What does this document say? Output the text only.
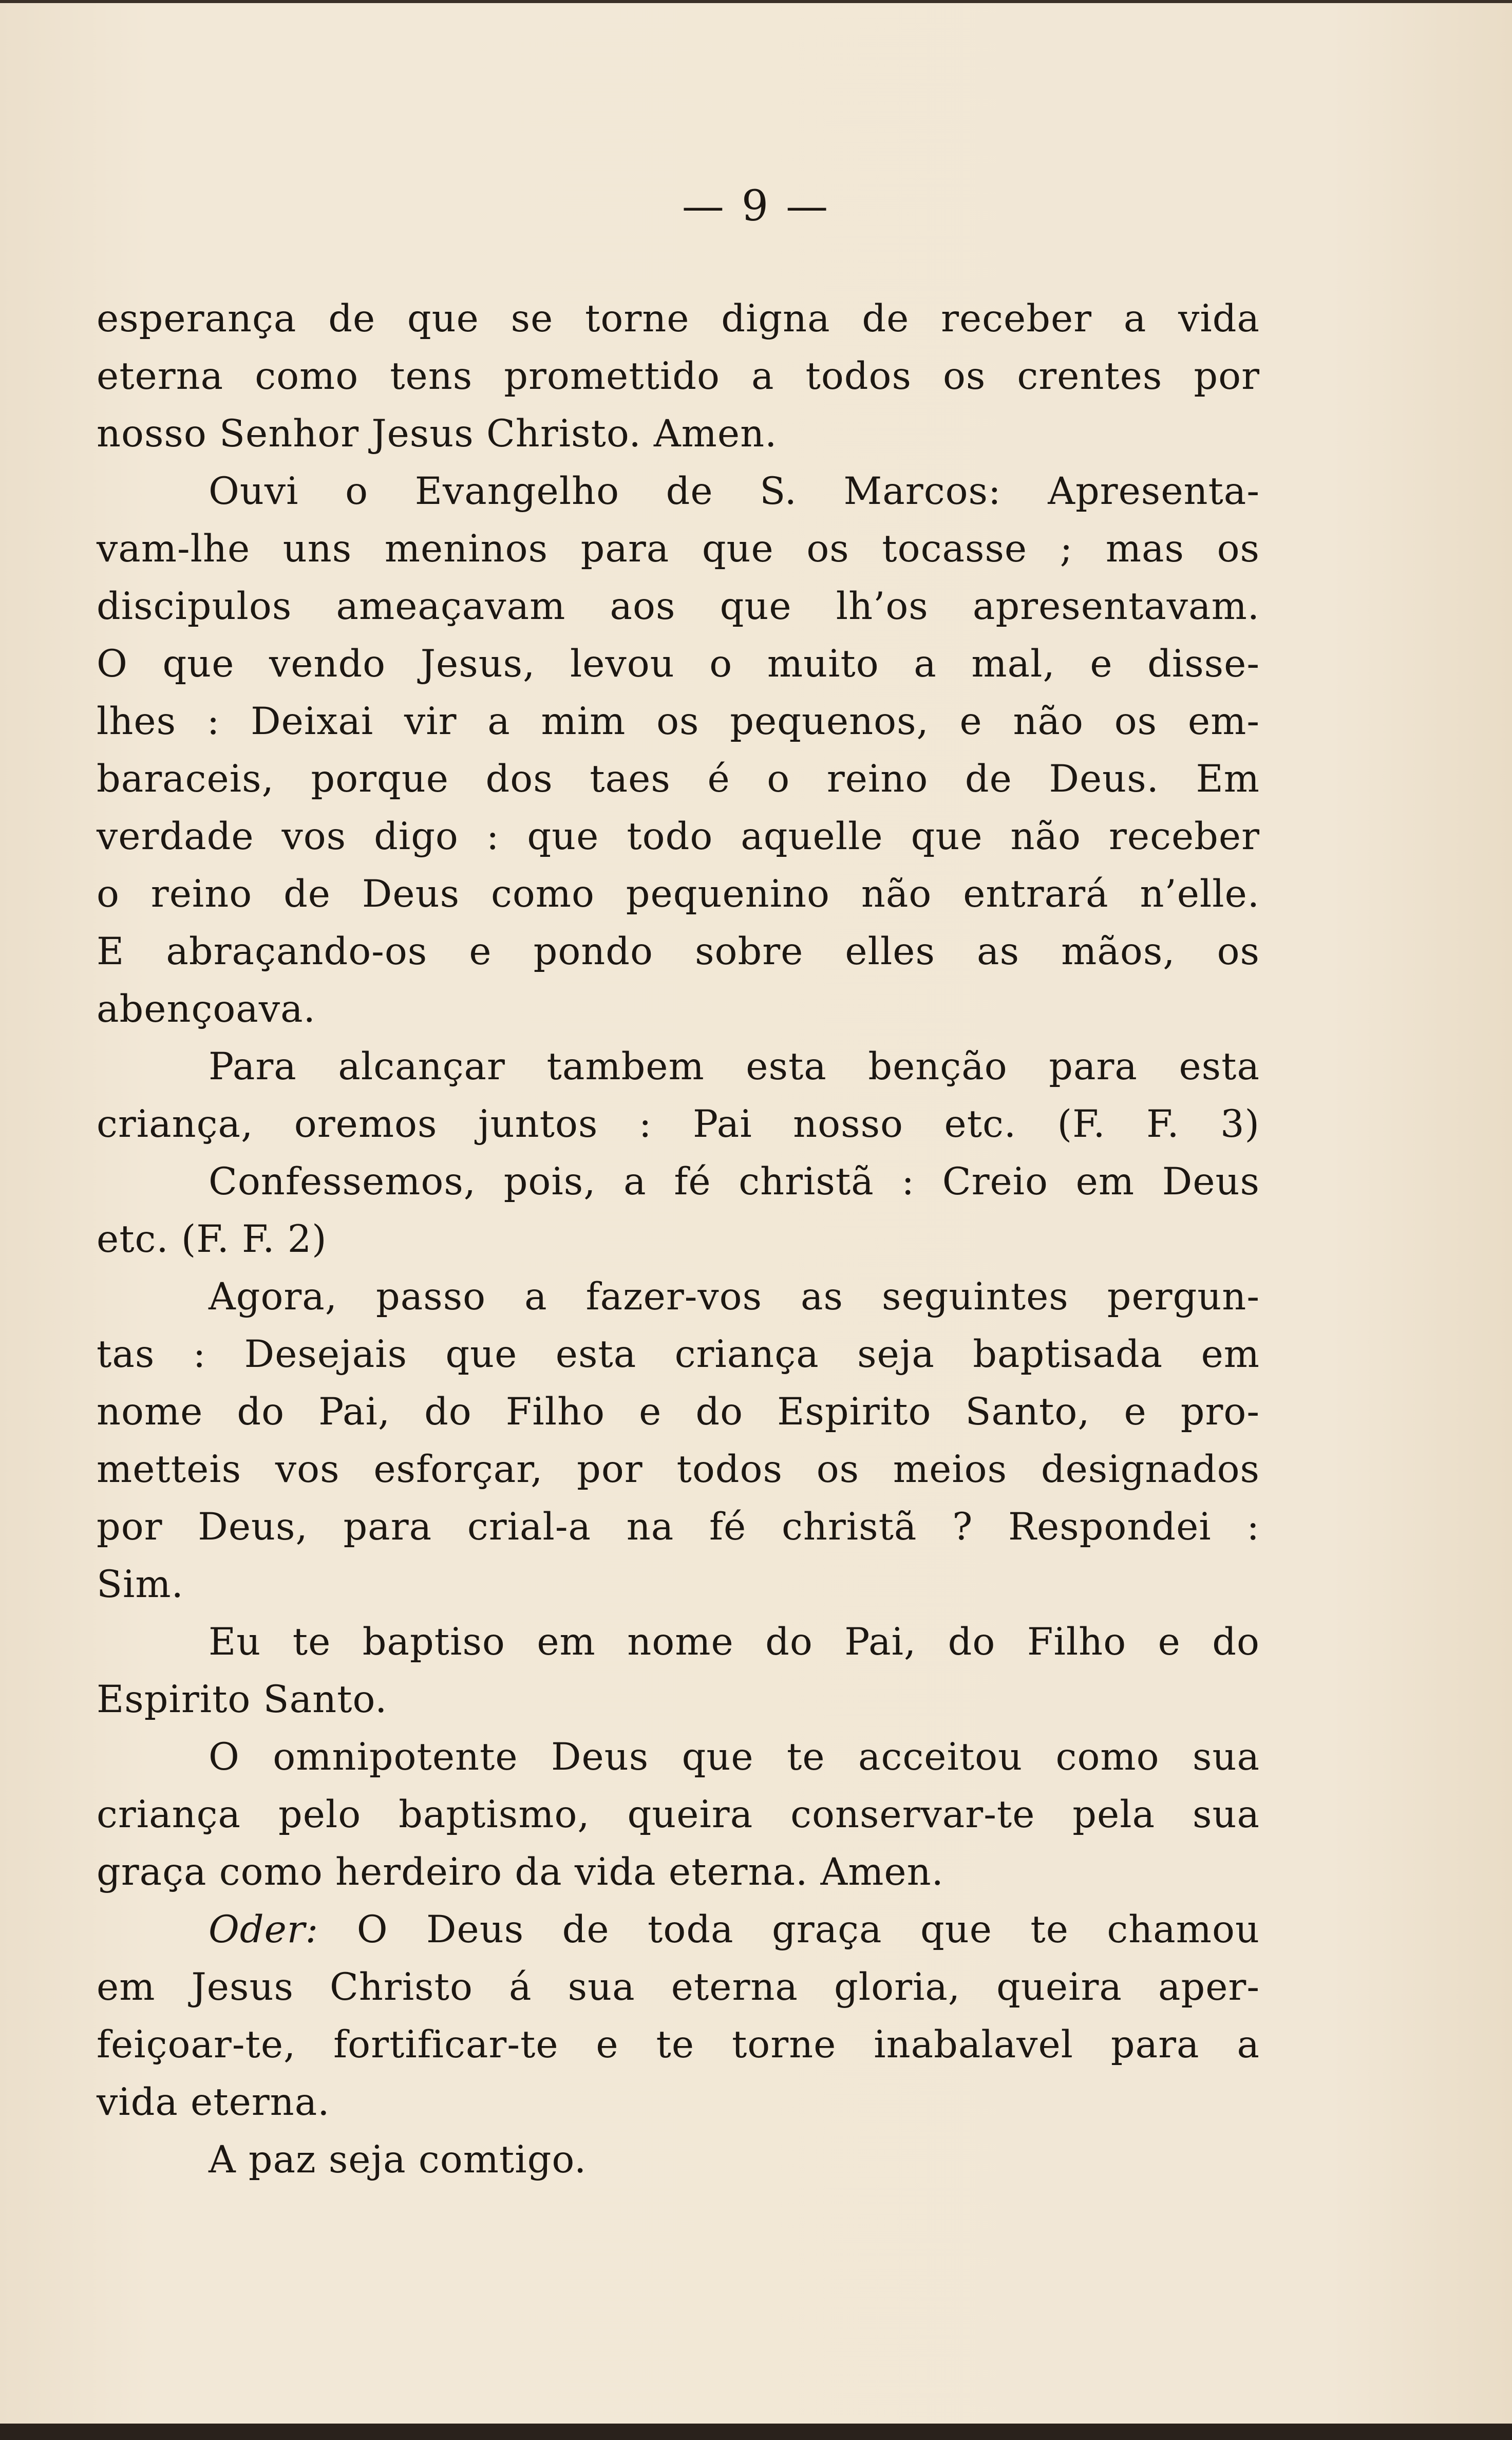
— 9 —
esperança de que se torne digna de receber a vida
eterna como tens promettido a todos os crentes por
nosso Senhor Jesus Christo. Amen.
Ouvi o Evangelho de S. Marcos: Apresenta-
vam-lhe uns meninos para que os tocasse ; mas os
discipulos ameaçavam aos que lh’os apresentavam.
O que vendo Jesus, levou o muito a mal, e disse-
lhes : Deixai vir a mim os pequenos, e não os em-
baraceis, porque dos taes é o reino de Deus. Em
verdade vos digo : que todo aquelle que não receber
o reino de Deus como pequenino não entrará n’elle.
E abraçando-os e pondo sobre elles as mãos, os
abençoava.
Para alcançar tambem esta benção para esta
criança, oremos juntos : Pai nosso etc. (F. F. 3)
Confessemos, pois, a fé christã : Creio em Deus
etc. (F. F. 2)
Agora, passo a fazer-vos as seguintes pergun-
tas : Desejais que esta criança seja baptisada em
nome do Pai, do Filho e do Espirito Santo, e pro-
metteis vos esforçar, por todos os meios designados
por Deus, para crial-a na fé christã ? Respondei :
Sim.
Eu te baptiso em nome do Pai, do Filho e do
Espirito Santo.
O omnipotente Deus que te acceitou como sua
criança pelo baptismo, queira conservar-te pela sua
graça como herdeiro da vida eterna. Amen.
Oder: O Deus de toda graça que te chamou
em Jesus Christo á sua eterna gloria, queira aper-
feiçoar-te, fortificar-te e te torne inabalavel para a
vida eterna.
A paz seja comtigo.
